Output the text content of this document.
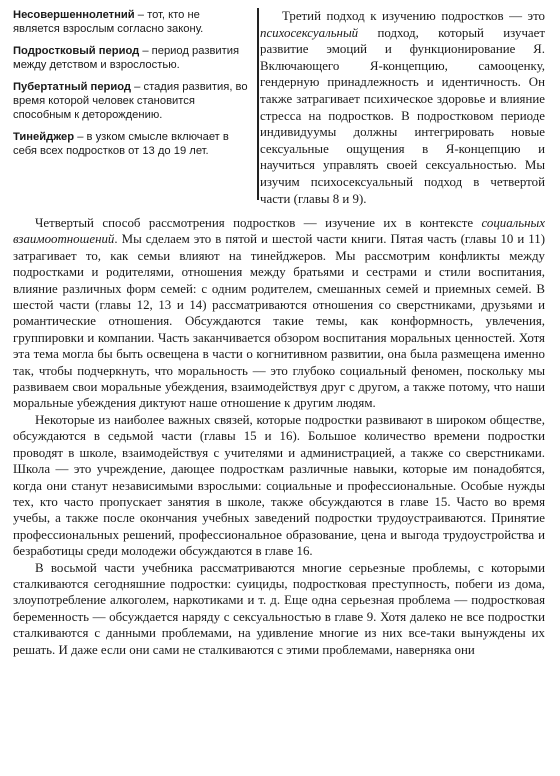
Несовершеннолетний – тот, кто не является взрослым согласно закону.
Подростковый период – период развития между детством и взрослостью.
Пубертатный период – стадия развития, во время которой человек становится способным к деторождению.
Тинейджер – в узком смысле включает в себя всех подростков от 13 до 19 лет.

Третий подход к изучению подростков — это психосексуальный подход, который изучает развитие эмоций и функционирование Я. Включающего Я-концепцию, самооценку, гендерную принадлежность и идентичность. Он также затрагивает психическое здоровье и влияние стресса на подростков. В подростковом периоде индивидуумы должны интегрировать новые сексуальные ощущения в Я-концепцию и научиться управлять своей сексуальностью. Мы изучим психосексуальный подход в четвертой части (главы 8 и 9).

Четвертый способ рассмотрения подростков — изучение их в контексте социальных взаимоотношений. Мы сделаем это в пятой и шестой части книги. Пятая часть (главы 10 и 11) затрагивает то, как семьи влияют на тинейджеров. Мы рассмотрим конфликты между подростками и родителями, отношения между братьями и сестрами и стили воспитания, влияние различных форм семей: с одним родителем, смешанных семей и приемных семей. В шестой части (главы 12, 13 и 14) рассматриваются отношения со сверстниками, друзьями и романтические отношения. Обсуждаются такие темы, как конформность, увлечения, группировки и компании. Часть заканчивается обзором воспитания моральных ценностей. Хотя эта тема могла бы быть освещена в части о когнитивном развитии, она была размещена именно так, чтобы подчеркнуть, что моральность — это глубоко социальный феномен, поскольку мы развиваем свои моральные убеждения, взаимодействуя друг с другом, а также потому, что наши моральные убеждения диктуют наше отношение к другим людям.

Некоторые из наиболее важных связей, которые подростки развивают в широком обществе, обсуждаются в седьмой части (главы 15 и 16). Большое количество времени подростки проводят в школе, взаимодействуя с учителями и администрацией, а также со сверстниками. Школа — это учреждение, дающее подросткам различные навыки, которые им понадобятся, когда они станут независимыми взрослыми: социальные и профессиональные. Особые нужды тех, кто часто пропускает занятия в школе, также обсуждаются в главе 15. Часто во время учебы, а также после окончания учебных заведений подростки трудоустраиваются. Принятие профессиональных решений, профессиональное образование, цена и выгода трудоустройства и безработицы среди молодежи обсуждаются в главе 16.

В восьмой части учебника рассматриваются многие серьезные проблемы, с которыми сталкиваются сегодняшние подростки: суициды, подростковая преступность, побеги из дома, злоупотребление алкоголем, наркотиками и т. д. Еще одна серьезная проблема — подростковая беременность — обсуждается наряду с сексуальностью в главе 9. Хотя далеко не все подростки сталкиваются с данными проблемами, на удивление многие из них все-таки вынуждены их решать. И даже если они сами не сталкиваются с этими проблемами, наверняка они
